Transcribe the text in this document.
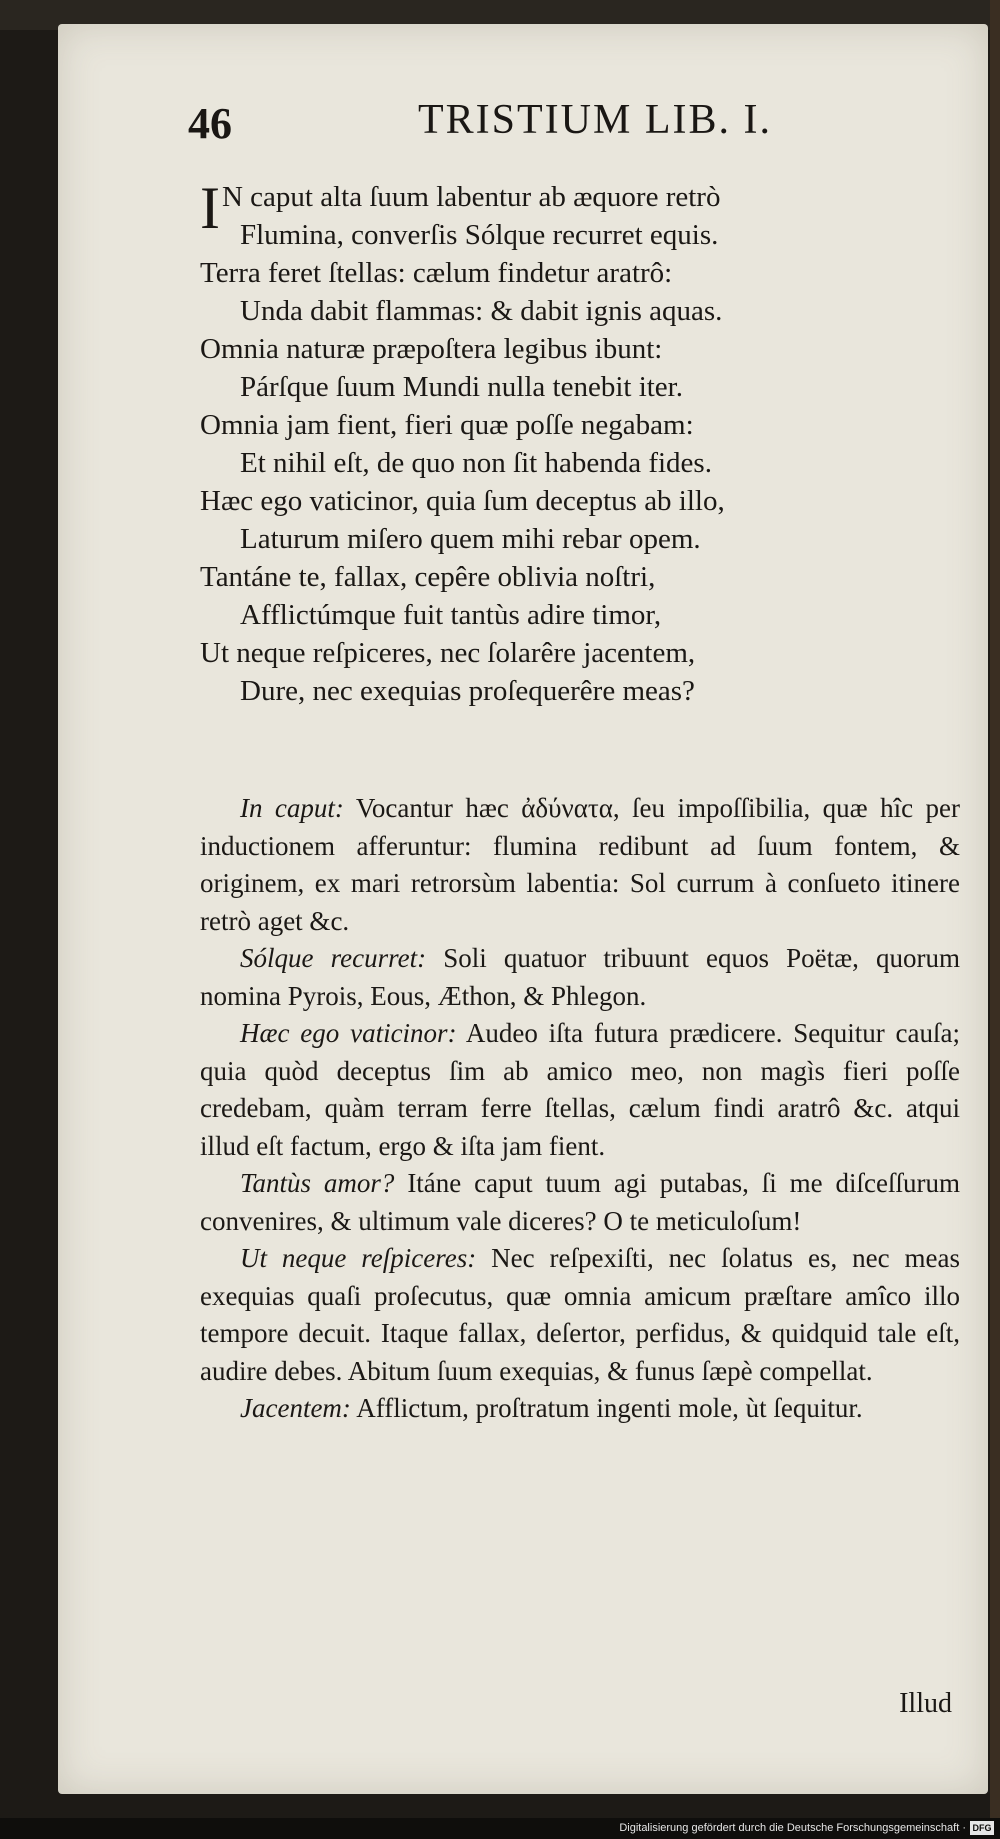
46	TRISTIUM LIB. I.
IN caput alta ſuum labentur ab æquore retrò
Flumina, converſis Sólque recurret equis.
Terra feret ſtellas: cælum findetur aratrô:
Unda dabit flammas: & dabit ignis aquas.
Omnia naturæ præpoſtera legibus ibunt:
Párſque ſuum Mundi nulla tenebit iter.
Omnia jam fient, fieri quæ poſſe negabam:
Et nihil eſt, de quo non ſit habenda fides.
Hæc ego vaticinor, quia ſum deceptus ab illo,
Laturum miſero quem mihi rebar opem.
Tantáne te, fallax, cepêre oblivia noſtri,
Afflictúmque fuit tantùs adire timor,
Ut neque reſpiceres, nec ſolarêre jacentem,
Dure, nec exequias proſequerêre meas?

In caput: Vocantur hæc ἀδύνατα, ſeu impoſſibilia, quæ hîc per inductionem afferuntur: flumina redibunt ad ſuum fontem, & originem, ex mari retrorsùm labentia: Sol currum à conſueto itinere retrò aget &c.

Sólque recurret: Soli quatuor tribuunt equos Poëtæ, quorum nomina Pyrois, Eous, Æthon, & Phlegon.

Hæc ego vaticinor: Audeo iſta futura prædicere. Sequitur cauſa; quia quòd deceptus ſim ab amico meo, non magìs fieri poſſe credebam, quàm terram ferre ſtellas, cælum findi aratrô &c. atqui illud eſt factum, ergo & iſta jam fient.

Tantùs amor? Itáne caput tuum agi putabas, ſi me diſceſſurum convenires, & ultimum vale diceres? O te meticuloſum!

Ut neque reſpiceres: Nec reſpexiſti, nec ſolatus es, nec meas exequias quaſi proſecutus, quæ omnia amicum præſtare amîco illo tempore decuit. Itaque fallax, deſertor, perfidus, & quidquid tale eſt, audire debes. Abitum ſuum exequias, & funus ſæpè compellat.

Jacentem: Afflictum, proſtratum ingenti mole, ùt ſequitur.

Illud
Digitalisierung gefördert durch die Deutsche Forschungsgemeinschaft · DFG
